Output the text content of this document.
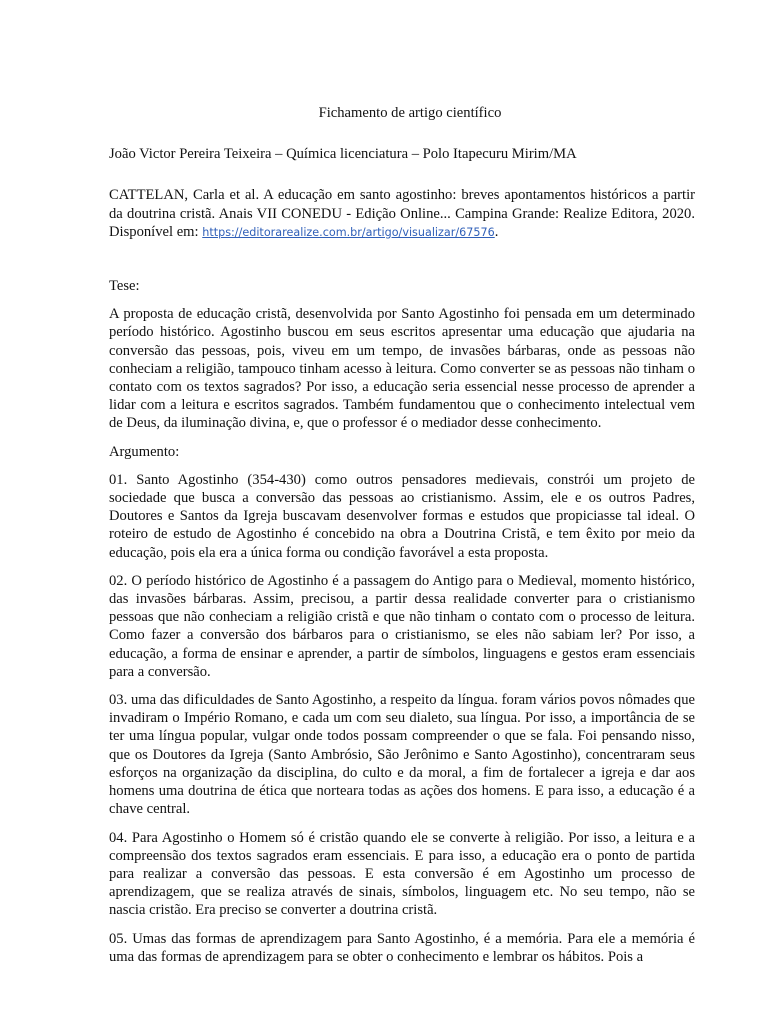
Fichamento de artigo científico

João Victor Pereira Teixeira – Química licenciatura – Polo Itapecuru Mirim/MA

CATTELAN, Carla et al. A educação em santo agostinho: breves apontamentos históricos a partir da doutrina cristã. Anais VII CONEDU - Edição Online... Campina Grande: Realize Editora, 2020. Disponível em: https://editorarealize.com.br/artigo/visualizar/67576.

Tese:

A proposta de educação cristã, desenvolvida por Santo Agostinho foi pensada em um determinado período histórico. Agostinho buscou em seus escritos apresentar uma educação que ajudaria na conversão das pessoas, pois, viveu em um tempo, de invasões bárbaras, onde as pessoas não conheciam a religião, tampouco tinham acesso à leitura. Como converter se as pessoas não tinham o contato com os textos sagrados? Por isso, a educação seria essencial nesse processo de aprender a lidar com a leitura e escritos sagrados. Também fundamentou que o conhecimento intelectual vem de Deus, da iluminação divina, e, que o professor é o mediador desse conhecimento.

Argumento:

01. Santo Agostinho (354-430) como outros pensadores medievais, constrói um projeto de sociedade que busca a conversão das pessoas ao cristianismo. Assim, ele e os outros Padres, Doutores e Santos da Igreja buscavam desenvolver formas e estudos que propiciasse tal ideal. O roteiro de estudo de Agostinho é concebido na obra a Doutrina Cristã, e tem êxito por meio da educação, pois ela era a única forma ou condição favorável a esta proposta.

02. O período histórico de Agostinho é a passagem do Antigo para o Medieval, momento histórico, das invasões bárbaras. Assim, precisou, a partir dessa realidade converter para o cristianismo pessoas que não conheciam a religião cristã e que não tinham o contato com o processo de leitura. Como fazer a conversão dos bárbaros para o cristianismo, se eles não sabiam ler? Por isso, a educação, a forma de ensinar e aprender, a partir de símbolos, linguagens e gestos eram essenciais para a conversão.

03. uma das dificuldades de Santo Agostinho, a respeito da língua. foram vários povos nômades que invadiram o Império Romano, e cada um com seu dialeto, sua língua. Por isso, a importância de se ter uma língua popular, vulgar onde todos possam compreender o que se fala. Foi pensando nisso, que os Doutores da Igreja (Santo Ambrósio, São Jerônimo e Santo Agostinho), concentraram seus esforços na organização da disciplina, do culto e da moral, a fim de fortalecer a igreja e dar aos homens uma doutrina de ética que norteara todas as ações dos homens. E para isso, a educação é a chave central.

04. Para Agostinho o Homem só é cristão quando ele se converte à religião. Por isso, a leitura e a compreensão dos textos sagrados eram essenciais. E para isso, a educação era o ponto de partida para realizar a conversão das pessoas. E esta conversão é em Agostinho um processo de aprendizagem, que se realiza através de sinais, símbolos, linguagem etc. No seu tempo, não se nascia cristão. Era preciso se converter a doutrina cristã.

05. Umas das formas de aprendizagem para Santo Agostinho, é a memória. Para ele a memória é uma das formas de aprendizagem para se obter o conhecimento e lembrar os hábitos. Pois a
